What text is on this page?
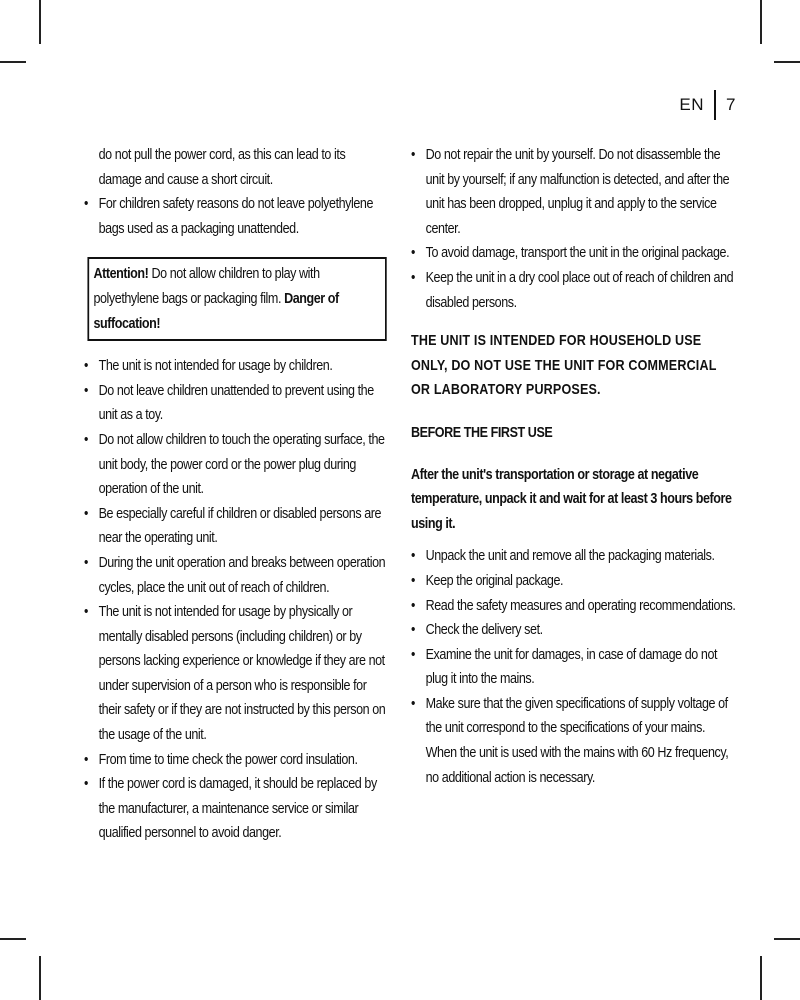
EN 7

do not pull the power cord, as this can lead to its damage and cause a short circuit.

• For children safety reasons do not leave polyethylene bags used as a packaging unattended.
Attention! Do not allow children to play with polyethylene bags or packaging film. Danger of suffocation!
• The unit is not intended for usage by children.
• Do not leave children unattended to prevent using the unit as a toy.
• Do not allow children to touch the operating surface, the unit body, the power cord or the power plug during operation of the unit.
• Be especially careful if children or disabled persons are near the operating unit.
• During the unit operation and breaks between operation cycles, place the unit out of reach of children.
• The unit is not intended for usage by physically or mentally disabled persons (including children) or by persons lacking experience or knowledge if they are not under supervision of a person who is responsible for their safety or if they are not instructed by this person on the usage of the unit.
• From time to time check the power cord insulation.
• If the power cord is damaged, it should be replaced by the manufacturer, a maintenance service or similar qualified personnel to avoid danger.
• Do not repair the unit by yourself. Do not disassemble the unit by yourself; if any malfunction is detected, and after the unit has been dropped, unplug it and apply to the service center.
• To avoid damage, transport the unit in the original package.
• Keep the unit in a dry cool place out of reach of children and disabled persons.

THE UNIT IS INTENDED FOR HOUSEHOLD USE ONLY, DO NOT USE THE UNIT FOR COMMERCIAL OR LABORATORY PURPOSES.

BEFORE THE FIRST USE

After the unit's transportation or storage at negative temperature, unpack it and wait for at least 3 hours before using it.

• Unpack the unit and remove all the packaging materials.
• Keep the original package.
• Read the safety measures and operating recommendations.
• Check the delivery set.
• Examine the unit for damages, in case of damage do not plug it into the mains.
• Make sure that the given specifications of supply voltage of the unit correspond to the specifications of your mains. When the unit is used with the mains with 60 Hz frequency, no additional action is necessary.
